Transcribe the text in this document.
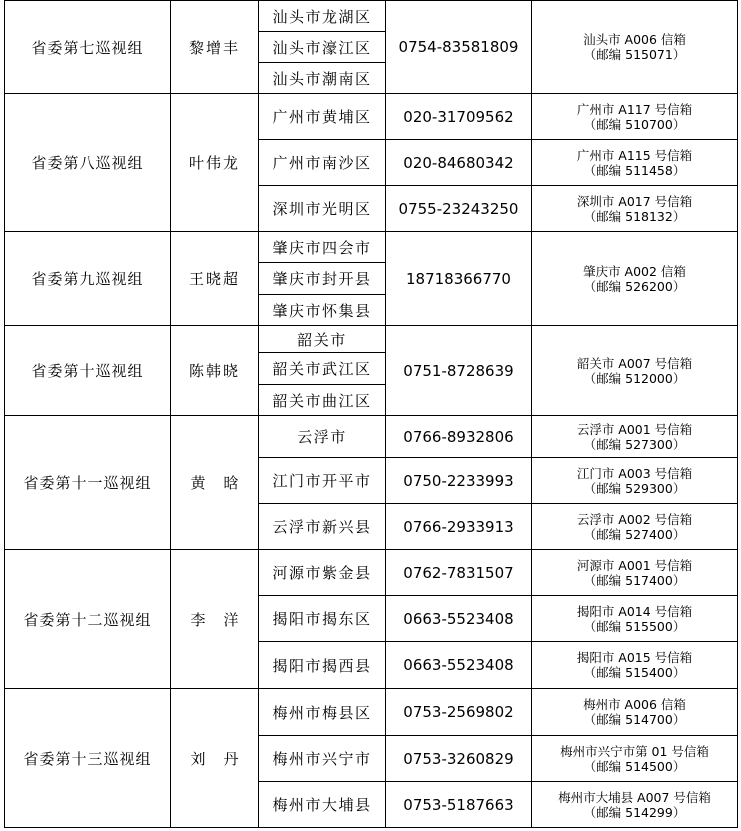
省委第七巡视组	黎增丰	汕头市龙湖区	0754-83581809	汕头市 A006 信箱
（邮编 515071）

		汕头市濠江区		
		汕头市潮南区		
省委第八巡视组	叶伟龙	广州市黄埔区	020-31709562	广州市 A117 号信箱
（邮编 510700）

		广州市南沙区	020-84680342	广州市 A115 号信箱
（邮编 511458）

		深圳市光明区	0755-23243250	深圳市 A017 号信箱
（邮编 518132）

省委第九巡视组	王晓超	肇庆市四会市	18718366770	肇庆市 A002 信箱
（邮编 526200）

		肇庆市封开县		
		肇庆市怀集县		
省委第十巡视组	陈韩晓	韶关市	0751-8728639	韶关市 A007 号信箱
（邮编 512000）

		韶关市武江区		
		韶关市曲江区		
省委第十一巡视组	黄晗	云浮市	0766-8932806	云浮市 A001 号信箱
（邮编 527300）

		江门市开平市	0750-2233993	江门市 A003 号信箱
（邮编 529300）

		云浮市新兴县	0766-2933913	云浮市 A002 号信箱
（邮编 527400）

省委第十二巡视组	李洋	河源市紫金县	0762-7831507	河源市 A001 号信箱
（邮编 517400）

		揭阳市揭东区	0663-5523408	揭阳市 A014 号信箱
（邮编 515500）

		揭阳市揭西县	0663-5523408	揭阳市 A015 号信箱
（邮编 515400）

省委第十三巡视组	刘丹	梅州市梅县区	0753-2569802	梅州市 A006 信箱
（邮编 514700）

		梅州市兴宁市	0753-3260829	梅州市兴宁市第 01 号信箱
（邮编 514500）

		梅州市大埔县	0753-5187663	梅州市大埔县 A007 号信箱
（邮编 514299）
